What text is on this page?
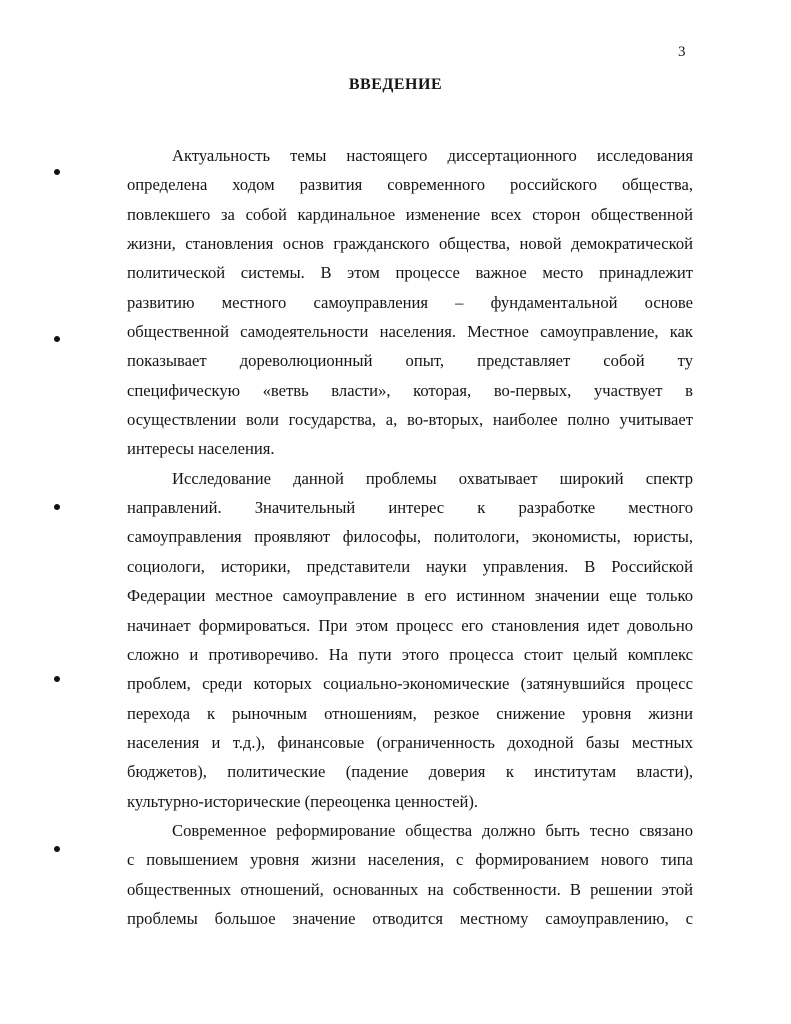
3
ВВЕДЕНИЕ
Актуальность темы настоящего диссертационного исследования
определена ходом развития современного российского общества,
повлекшего за собой кардинальное изменение всех сторон общественной
жизни, становления основ гражданского общества, новой демократической
политической системы. В этом процессе важное место принадлежит
развитию местного самоуправления – фундаментальной основе
общественной самодеятельности населения. Местное самоуправление, как
показывает дореволюционный опыт, представляет собой ту
специфическую «ветвь власти», которая, во-первых, участвует в
осуществлении воли государства, а, во-вторых, наиболее полно учитывает
интересы населения.
Исследование данной проблемы охватывает широкий спектр
направлений. Значительный интерес к разработке местного
самоуправления проявляют философы, политологи, экономисты, юристы,
социологи, историки, представители науки управления. В Российской
Федерации местное самоуправление в его истинном значении еще только
начинает формироваться. При этом процесс его становления идет довольно
сложно и противоречиво. На пути этого процесса стоит целый комплекс
проблем, среди которых социально-экономические (затянувшийся процесс
перехода к рыночным отношениям, резкое снижение уровня жизни
населения и т.д.), финансовые (ограниченность доходной базы местных
бюджетов), политические (падение доверия к институтам власти),
культурно-исторические (переоценка ценностей).
Современное реформирование общества должно быть тесно связано
с повышением уровня жизни населения, с формированием нового типа
общественных отношений, основанных на собственности. В решении этой
проблемы большое значение отводится местному самоуправлению, с
